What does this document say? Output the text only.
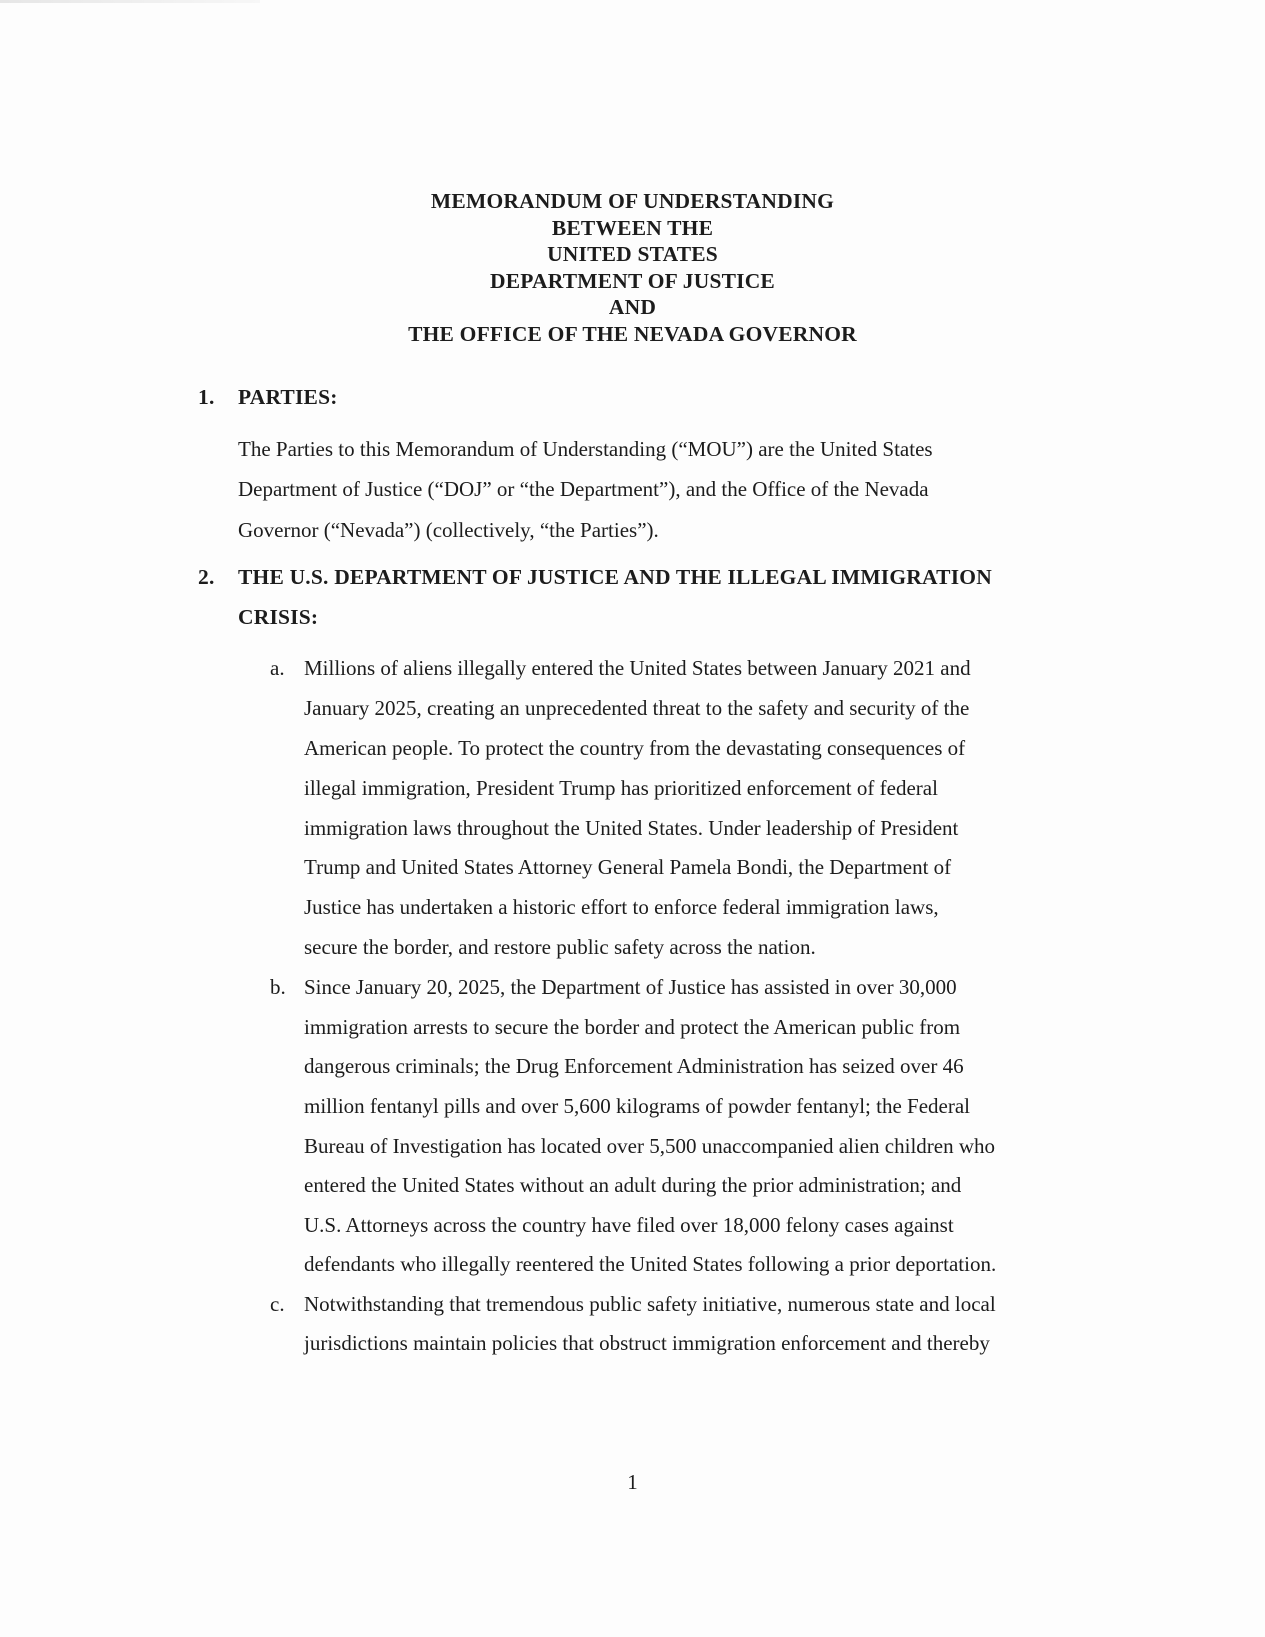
MEMORANDUM OF UNDERSTANDING
BETWEEN THE
UNITED STATES
DEPARTMENT OF JUSTICE
AND
THE OFFICE OF THE NEVADA GOVERNOR
1. PARTIES:
The Parties to this Memorandum of Understanding (“MOU”) are the United States
Department of Justice (“DOJ” or “the Department”), and the Office of the Nevada
Governor (“Nevada”) (collectively, “the Parties”).
2. THE U.S. DEPARTMENT OF JUSTICE AND THE ILLEGAL IMMIGRATION
CRISIS:
a. Millions of aliens illegally entered the United States between January 2021 and
January 2025, creating an unprecedented threat to the safety and security of the
American people. To protect the country from the devastating consequences of
illegal immigration, President Trump has prioritized enforcement of federal
immigration laws throughout the United States. Under leadership of President
Trump and United States Attorney General Pamela Bondi, the Department of
Justice has undertaken a historic effort to enforce federal immigration laws,
secure the border, and restore public safety across the nation.
b. Since January 20, 2025, the Department of Justice has assisted in over 30,000
immigration arrests to secure the border and protect the American public from
dangerous criminals; the Drug Enforcement Administration has seized over 46
million fentanyl pills and over 5,600 kilograms of powder fentanyl; the Federal
Bureau of Investigation has located over 5,500 unaccompanied alien children who
entered the United States without an adult during the prior administration; and
U.S. Attorneys across the country have filed over 18,000 felony cases against
defendants who illegally reentered the United States following a prior deportation.
c. Notwithstanding that tremendous public safety initiative, numerous state and local
jurisdictions maintain policies that obstruct immigration enforcement and thereby
1
